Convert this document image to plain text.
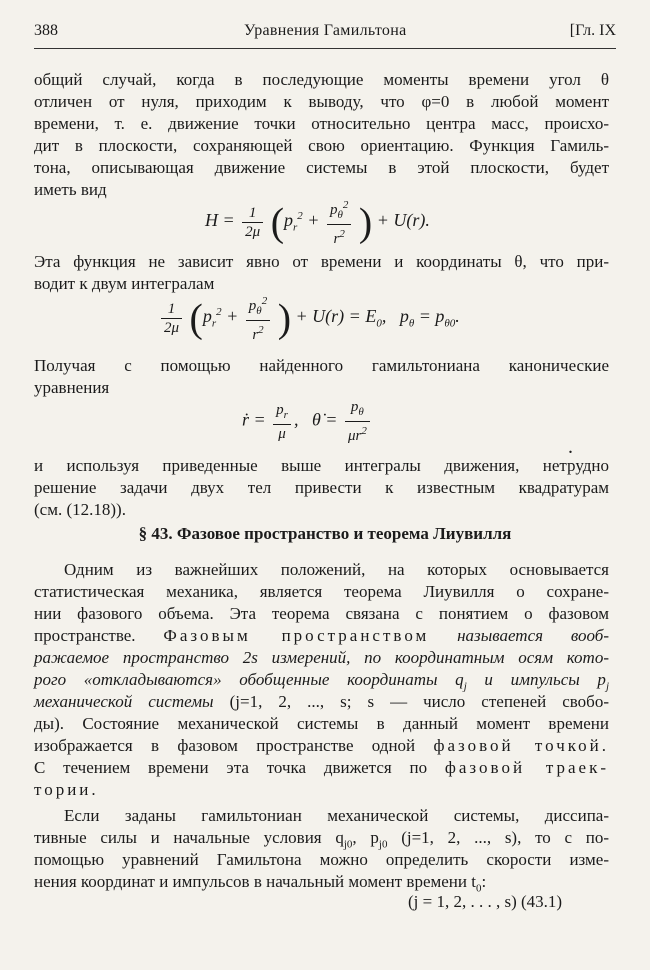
388	Уравнения Гамильтона	[Гл. IX
общий случай, когда в последующие моменты времени угол θ
отличен от нуля, приходим к выводу, что φ=0 в любой момент
времени, т. е. движение точки относительно центра масс, происхо-
дит в плоскости, сохраняющей свою ориентацию. Функция Гамиль-
тона, описывающая движение системы в этой плоскости, будет
иметь вид
$H = \frac{1}{2\mu} (p_r^2 + \frac{p_\theta^2}{r^2}$ ) + U(r).
Эта функция не зависит явно от времени и координаты θ, что при-
водит к двум интегралам
$\frac{1}{2\mu} (p_r^2 + \frac{p_\theta^2}{r^2}$ ) + $U(r) = E_0$,   $p_\theta = p_{\theta 0}$.
Получая с помощью найденного гамильтониана канонические
уравнения
ṙ = $\frac{p_r}{\mu}$ ,   θ̇ = $\frac{p_\theta}{\mu r^2}$
.
и используя приведенные выше интегралы движения, нетрудно
решение задачи двух тел привести к известным квадратурам
(см. (12.18)).
§ 43. Фазовое пространство и теорема Лиувилля
Одним из важнейших положений, на которых основывается
статистическая механика, является теорема Лиувилля о сохране-
нии фазового объема. Эта теорема связана с понятием о фазовом
пространстве. Фазовым пространством называется вооб-
ражаемое пространство 2s измерений, по координатным осям кото-
рого «откладываются» обобщенные координаты $q_j$ и импульсы $p_j$
механической системы (j=1, 2, ..., s; s — число степеней свобо-
ды). Состояние механической системы в данный момент времени
изображается в фазовом пространстве одной фазовой точкой.
С течением времени эта точка движется по фазовой траек-
тории.
Если заданы гамильтониан механической системы, диссипа-
тивные силы и начальные условия $q_{j0}$, $p_{j0}$ (j=1, 2, ..., s), то с по-
помощью уравнений Гамильтона можно определить скорости изме-
нения координат и импульсов в начальный момент времени $t_0$:
(j = 1, 2, . . . , s) (43.1)
